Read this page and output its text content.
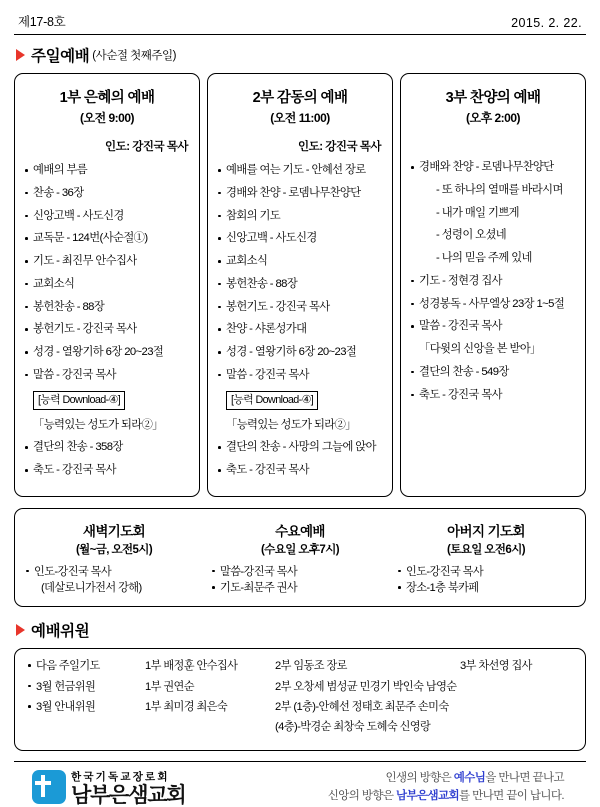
제17-8호	2015. 2. 22.
주일예배 (사순절 첫째주일)
1부 은혜의 예배
(오전 9:00)
인도: 강진국 목사
예배의 부름
찬송 - 36장
신앙고백 - 사도신경
교독문 - 124번(사순절①)
기도 - 최진무 안수집사
교회소식
봉헌찬송 - 88장
봉헌기도 - 강진국 목사
성경 - 열왕기하 6장 20~23절
말씀 - 강진국 목사
[능력 Download-④]
「능력있는 성도가 되라②」
결단의 찬송 - 358장
축도 - 강진국 목사
2부 감동의 예배
(오전 11:00)
인도: 강진국 목사
예배를 여는 기도 - 안혜선 장로
경배와 찬양 - 로뎀나무찬양단
참회의 기도
신앙고백 - 사도신경
교회소식
봉헌찬송 - 88장
봉헌기도 - 강진국 목사
찬양 - 샤론성가대
성경 - 열왕기하 6장 20~23절
말씀 - 강진국 목사
[능력 Download-④]
「능력있는 성도가 되라②」
결단의 찬송 - 사망의 그늘에 앉아
축도 - 강진국 목사
3부 찬양의 예배
(오후 2:00)
경배와 찬양 - 로뎀나무찬양단
- 또 하나의 열매를 바라시며
- 내가 매일 기쁘게
- 성령이 오셨네
- 나의 믿음 주께 있네
기도 - 정현경 집사
성경봉독 - 사무엘상 23장 1~5절
말씀 - 강진국 목사
「다윗의 신앙을 본 받아」
결단의 찬송 - 549장
축도 - 강진국 목사
새벽기도회
(월~금, 오전5시)
인도-강진국 목사
(데살로니가전서 강해)
수요예배
(수요일 오후7시)
말씀-강진국 목사
기도-최문주 권사
아버지 기도회
(토요일 오전6시)
인도-강진국 목사
장소-1층 북카페
예배위원
다음 주일기도	1부 배정훈 안수집사	2부 임동조 장로	3부 차선영 집사
3월 헌금위원	1부 권연순	2부 오창세 범성균 민경기 박인숙 남영순
3월 안내위원	1부 최미경 최은숙	2부 (1층)-안혜선 정태호 최문주 손미숙
(4층)-박경순 최창숙 도혜숙 신영랑
한국기독교장로회
남부은샘교회
인생의 방향은 예수님을 만나면 끝나고
신앙의 방향은 남부은샘교회를 만나면 끝이 납니다.
